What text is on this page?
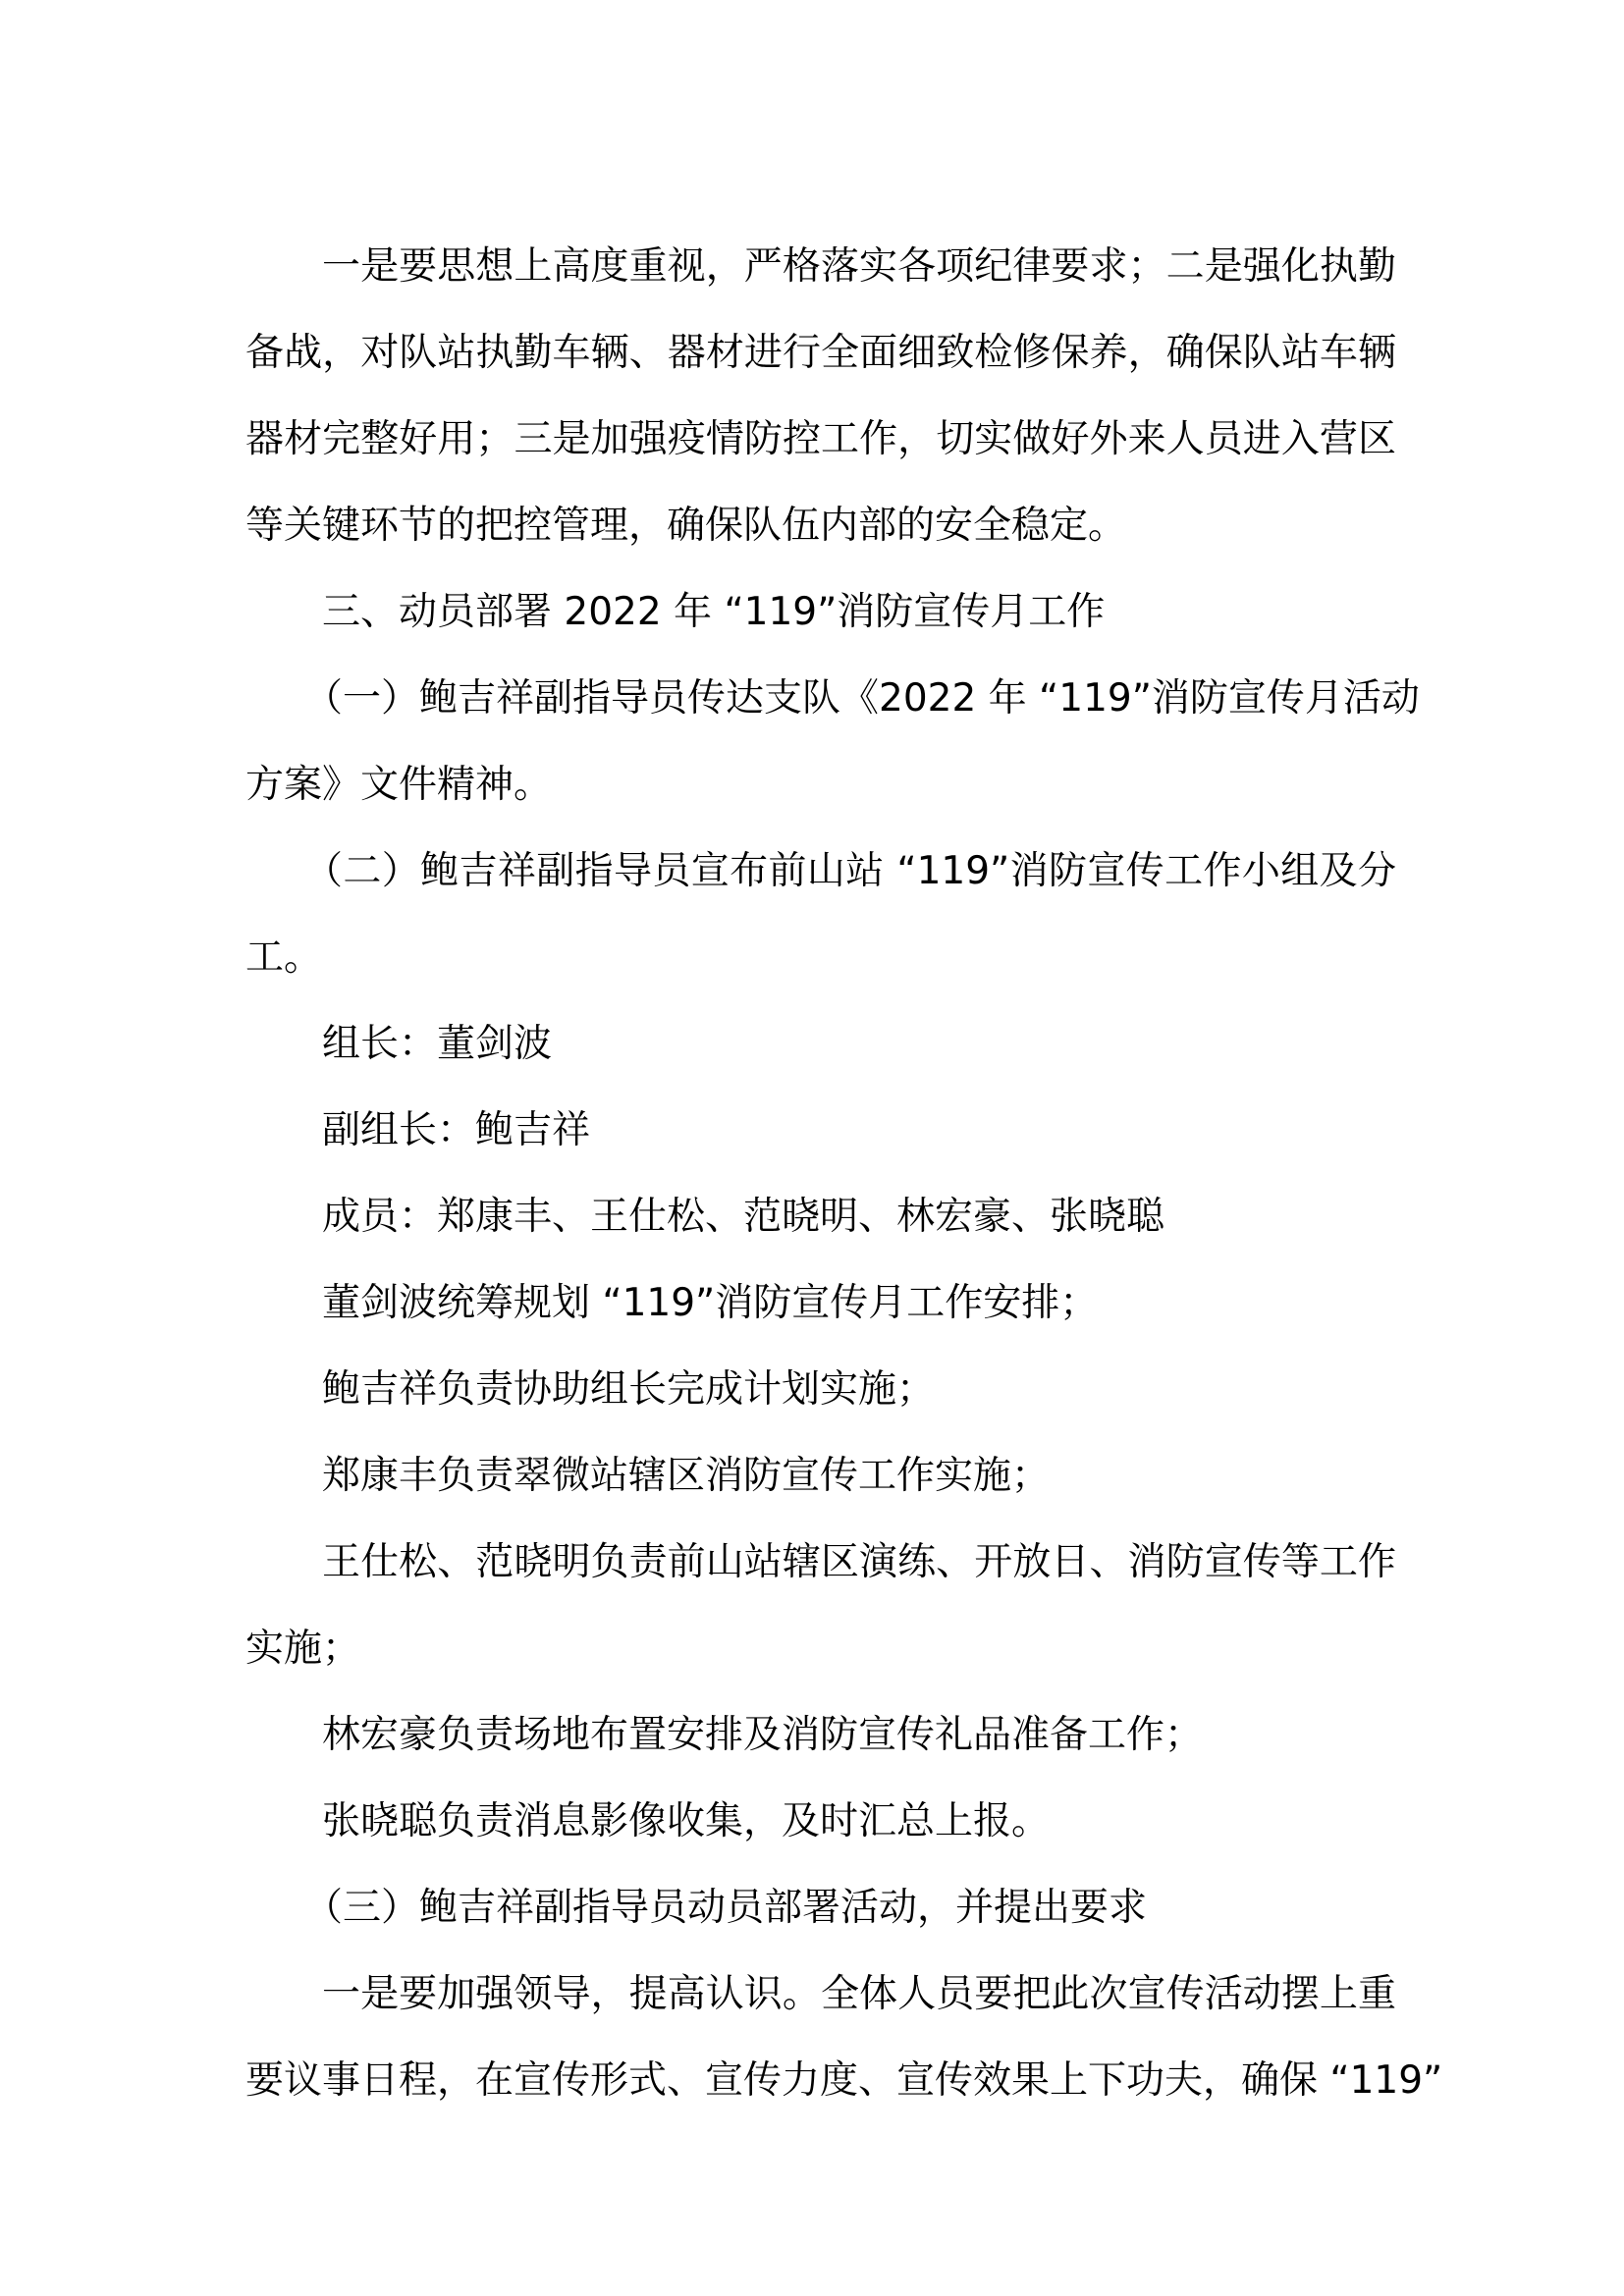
一是要思想上高度重视，严格落实各项纪律要求；二是强化执勤
备战，对队站执勤车辆、器材进行全面细致检修保养，确保队站车辆
器材完整好用；三是加强疫情防控工作，切实做好外来人员进入营区
等关键环节的把控管理，确保队伍内部的安全稳定。
三、动员部署 2022 年 “119”消防宣传月工作
（一）鲍吉祥副指导员传达支队《2022 年 “119”消防宣传月活动
方案》文件精神。
（二）鲍吉祥副指导员宣布前山站 “119”消防宣传工作小组及分
工。
组长：董剑波
副组长：鲍吉祥
成员：郑康丰、王仕松、范晓明、林宏豪、张晓聪
董剑波统筹规划 “119”消防宣传月工作安排；
鲍吉祥负责协助组长完成计划实施；
郑康丰负责翠微站辖区消防宣传工作实施；
王仕松、范晓明负责前山站辖区演练、开放日、消防宣传等工作
实施；
林宏豪负责场地布置安排及消防宣传礼品准备工作；
张晓聪负责消息影像收集，及时汇总上报。
（三）鲍吉祥副指导员动员部署活动，并提出要求
一是要加强领导，提高认识。全体人员要把此次宣传活动摆上重
要议事日程，在宣传形式、宣传力度、宣传效果上下功夫，确保 “119”
